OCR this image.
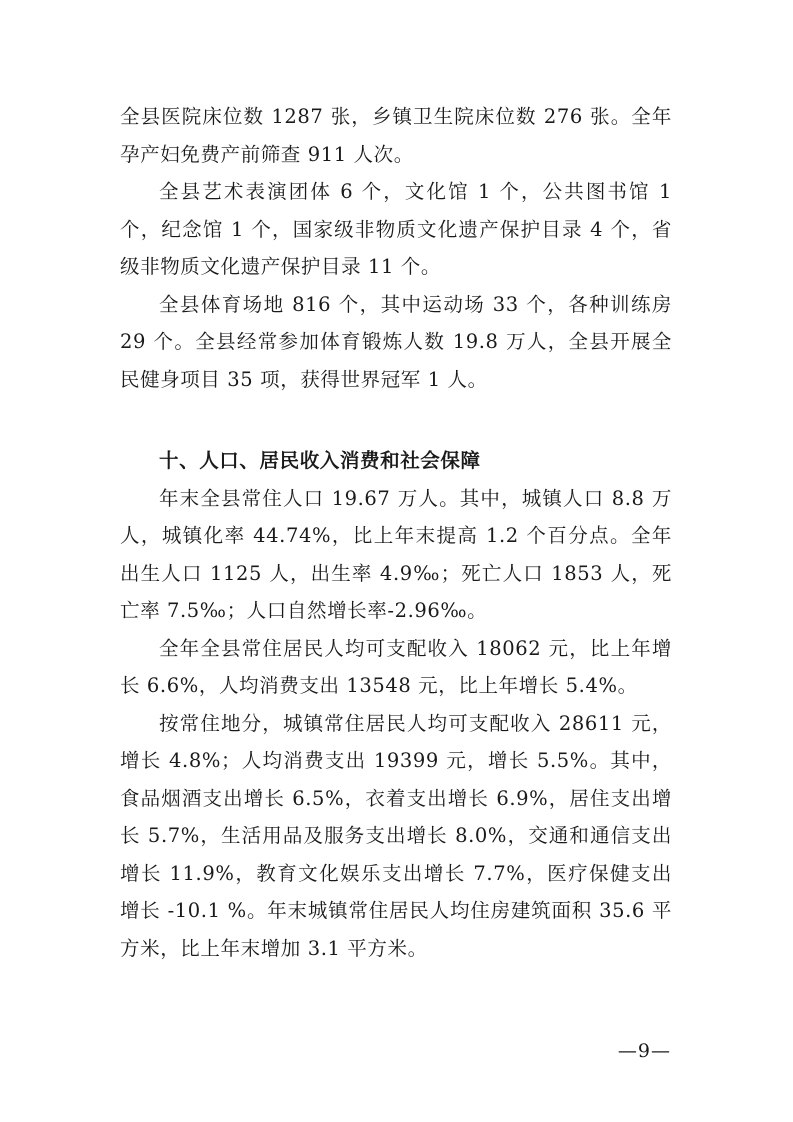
全县医院床位数 1287 张，乡镇卫生院床位数 276 张。全年孕产妇免费产前筛查 911 人次。

全县艺术表演团体 6 个，文化馆 1 个，公共图书馆 1 个，纪念馆 1 个，国家级非物质文化遗产保护目录 4 个，省级非物质文化遗产保护目录 11 个。

全县体育场地 816 个，其中运动场 33 个，各种训练房 29 个。全县经常参加体育锻炼人数 19.8 万人，全县开展全民健身项目 35 项，获得世界冠军 1 人。

十、人口、居民收入消费和社会保障

年末全县常住人口 19.67 万人。其中，城镇人口 8.8 万人，城镇化率 44.74%，比上年末提高 1.2 个百分点。全年出生人口 1125 人，出生率 4.9‰；死亡人口 1853 人，死亡率 7.5‰；人口自然增长率-2.96‰。

全年全县常住居民人均可支配收入 18062 元，比上年增长 6.6%，人均消费支出 13548 元，比上年增长 5.4%。

按常住地分，城镇常住居民人均可支配收入 28611 元，增长 4.8%；人均消费支出 19399 元，增长 5.5%。其中，食品烟酒支出增长 6.5%，衣着支出增长 6.9%，居住支出增长 5.7%，生活用品及服务支出增长 8.0%，交通和通信支出增长 11.9%，教育文化娱乐支出增长 7.7%，医疗保健支出增长 -10.1 %。年末城镇常住居民人均住房建筑面积 35.6 平方米，比上年末增加 3.1 平方米。

—9—
